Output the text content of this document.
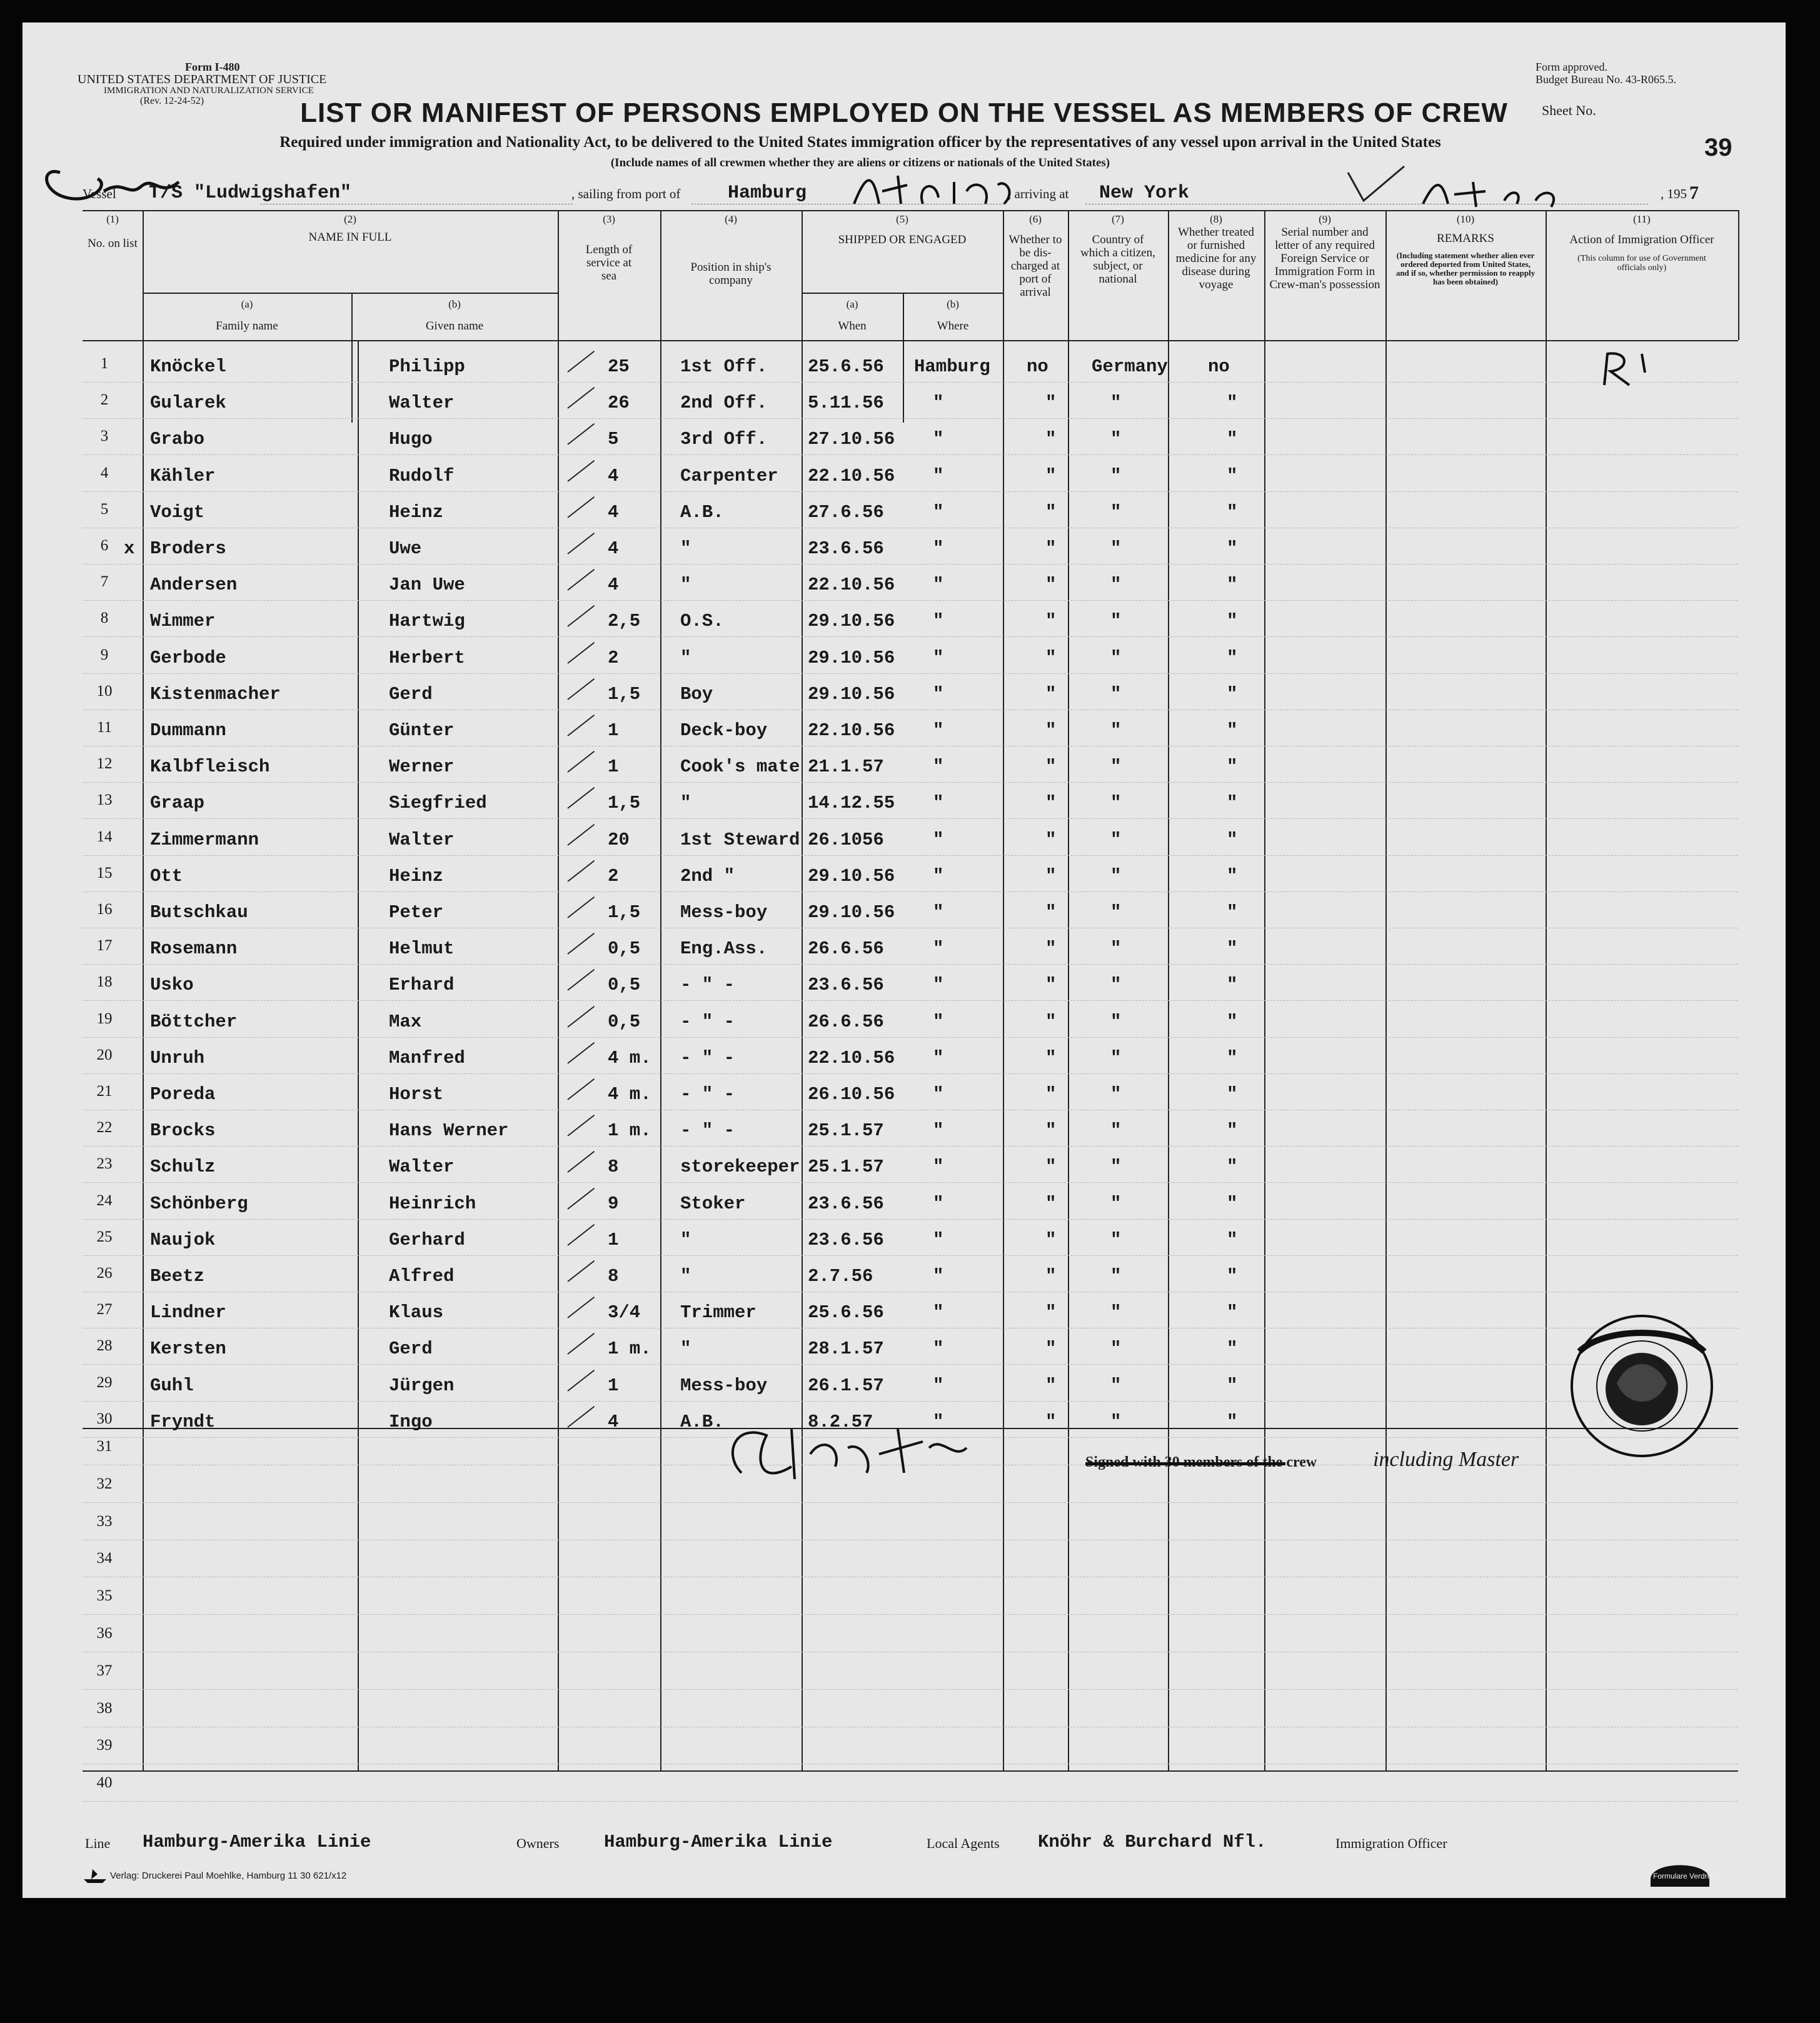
Form I-480
UNITED STATES DEPARTMENT OF JUSTICE
IMMIGRATION AND NATURALIZATION SERVICE
(Rev. 12-24-52)
Form approved.
Budget Bureau No. 43-R065.5.
Sheet No.
39
LIST OR MANIFEST OF PERSONS EMPLOYED ON THE VESSEL AS MEMBERS OF CREW
Required under immigration and Nationality Act, to be delivered to the United States immigration officer by the representatives of any vessel upon arrival in the United States
(Include names of all crewmen whether they are aliens or citizens or nationals of the United States)
Vessel T/S "Ludwigshafen"	, sailing from port of	Hamburg	, arriving at New York	, 195 7
(1)
No. on list
(2)
NAME IN FULL
(a)
Family name
(b)
Given name
(3)
Length of service at sea
(4)
Position in ship's company
(5)
SHIPPED OR ENGAGED
(a)
When
(b)
Where
(6)
Whether to be dis-charged at port of arrival
(7)
Country of which a citizen, subject, or national
(8)
Whether treated or furnished medicine for any disease during voyage
(9)
Serial number and letter of any required Foreign Service or Immigration Form in Crew-man's possession
(10)
REMARKS
(Including statement whether alien ever ordered deported from United States, and if so, whether permission to reapply has been obtained)
(11)
Action of Immigration Officer
(This column for use of Government officials only)
1	Knöckel	Philipp	25	1st Off. 25.6.56 Hamburg no Germany no
2	Gularek	Walter	26	2nd Off. 5.11.56	"	"	"	"
3	Grabo	Hugo	5	3rd Off. 27.10.56 "	"	"	"
4	Kähler	Rudolf	4	Carpenter 22.10.56 "	"	"	"
5	Voigt	Heinz	4	A.B.	27.6.56	"	"	"	"
6 x Broders	Uwe	4	"	23.6.56	"	"	"	"
7	Andersen	Jan Uwe	4	"	22.10.56 "	"	"	"
8	Wimmer	Hartwig	2,5 O.S.	29.10.56 "	"	"	"
9	Gerbode	Herbert	2	"	29.10.56 "	"	"	"
10	Kistenmacher	Gerd	1,5 Boy	29.10.56 "	"	"	"
11	Dummann	Günter	1	Deck-boy 22.10.56 "	"	"	"
12	Kalbfleisch	Werner	1	Cook's mate 21.1.57	"	"	"	"
13	Graap	Siegfried	1,5 "	14.12.55 "	"	"	"
14	Zimmermann	Walter	20	1st Steward 26.1056	"	"	"	"
15	Ott	Heinz	2	2nd "	29.10.56 "	"	"	"
16	Butschkau	Peter	1,5 Mess-boy 29.10.56 "	"	"	"
17	Rosemann	Helmut	0,5 Eng.Ass. 26.6.56	"	"	"	"
18	Usko	Erhard	0,5 - " -	23.6.56	"	"	"	"
19	Böttcher	Max	0,5 - " -	26.6.56	"	"	"	"
20	Unruh	Manfred	4 m. - " -	22.10.56 "	"	"	"
21	Poreda	Horst	4 m. - " -	26.10.56 "	"	"	"
22	Brocks	Hans Werner	1 m. - " -	25.1.57	"	"	"	"
23	Schulz	Walter	8	storekeeper 25.1.57	"	"	"	"
24	Schönberg	Heinrich	9	Stoker	23.6.56	"	"	"	"
25	Naujok	Gerhard	1	"	23.6.56	"	"	"	"
26	Beetz	Alfred	8	"	2.7.56	"	"	"	"
27	Lindner	Klaus	3/4 Trimmer	25.6.56	"	"	"	"
28	Kersten	Gerd	1 m. "	28.1.57	"	"	"	"
29	Guhl	Jürgen	1	Mess-boy 26.1.57	"	"	"	"
30	Fryndt	Ingo	4	A.B.	8.2.57	"	"	"	"
31
32
33
34
35
36
37
38
39
40
Signed with 30 members of the crew	including Master
Line Hamburg-Amerika Linie	Owners Hamburg-Amerika Linie	Local Agents Knöhr & Burchard Nfl.	Immigration Officer
Verlag: Druckerei Paul Moehlke, Hamburg 11 30 621/x12	Formulare Verdruck
